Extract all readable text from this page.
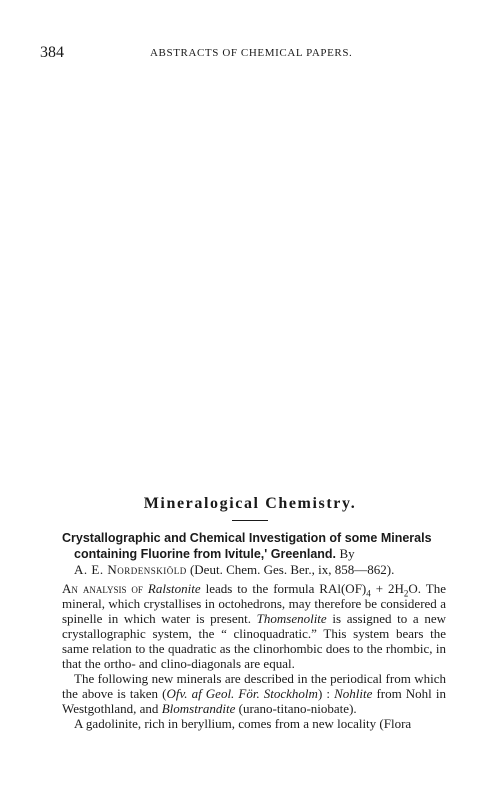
384	ABSTRACTS OF CHEMICAL PAPERS.
Mineralogical Chemistry.
Crystallographic and Chemical Investigation of some Minerals containing Fluorine from Ivitule,' Greenland. By
A. E. Nordenskiöld (Deut. Chem. Ges. Ber., ix, 858—862).

An analysis of Ralstonite leads to the formula $RAl(OF)_4 + 2H_2O$. The mineral, which crystallises in octohedrons, may therefore be considered a spinelle in which water is present. Thomsenolite is assigned to a new crystallographic system, the “ clinoquadratic.” This system bears the same relation to the quadratic as the clinorhombic does to the rhombic, in that the ortho- and clino-diagonals are equal.

The following new minerals are described in the periodical from which the above is taken (Ofv. af Geol. För. Stockholm) : Nohlite from Nohl in Westgothland, and Blomstrandite (urano-titano-niobate).

A gadolinite, rich in beryllium, comes from a new locality (Flora
